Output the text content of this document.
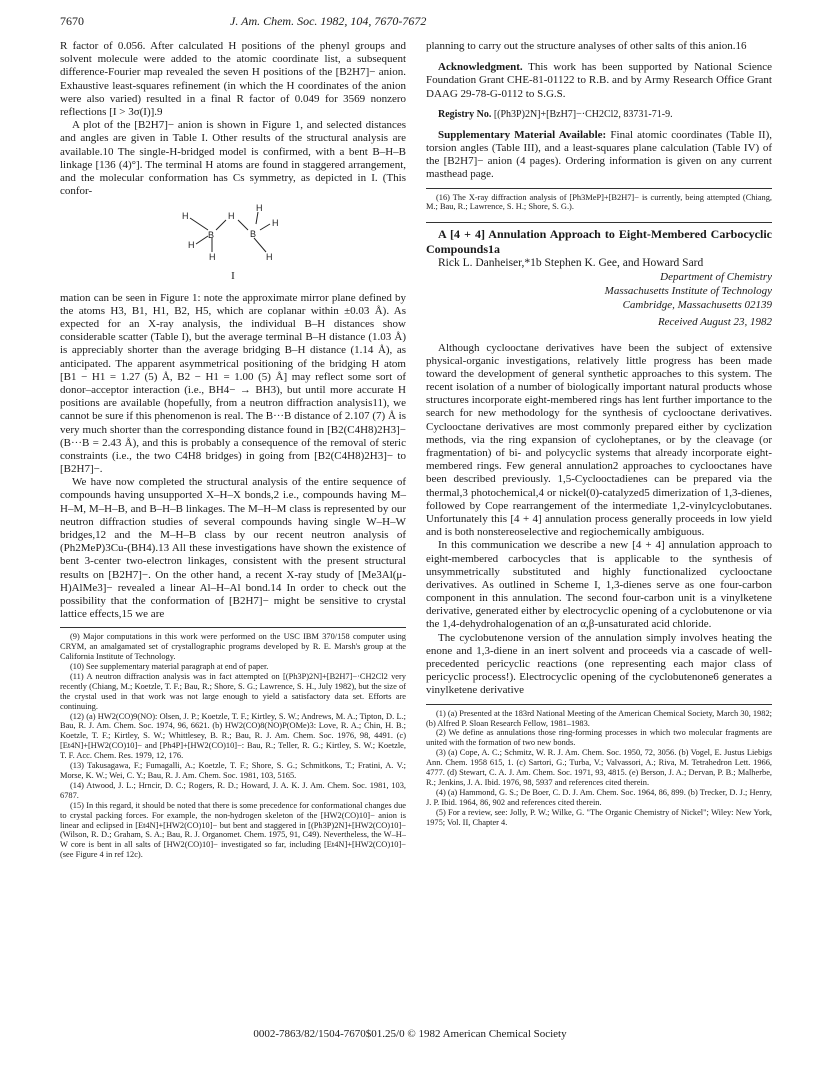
7670	J. Am. Chem. Soc. 1982, 104, 7670-7672

R factor of 0.056. After calculated H positions of the phenyl groups and solvent molecule were added to the atomic coordinate list, a subsequent difference-Fourier map revealed the seven H positions of the [B2H7]− anion. Exhaustive least-squares refinement (in which the H coordinates of the anion were also varied) resulted in a final R factor of 0.049 for 3569 nonzero reflections [I > 3σ(I)].9

A plot of the [B2H7]− anion is shown in Figure 1, and selected distances and angles are given in Table I. Other results of the structural analysis are available.10 The single-H-bridged model is confirmed, with a bent B–H–B linkage [136 (4)°]. The terminal H atoms are found in staggered arrangement, and the molecular conformation has Cs symmetry, as depicted in I. (This confor-

H
B
H
B
H
H
H
H	H
I

mation can be seen in Figure 1: note the approximate mirror plane defined by the atoms H3, B1, H1, B2, H5, which are coplanar within ±0.03 Å). As expected for an X-ray analysis, the individual B–H distances show considerable scatter (Table I), but the average terminal B–H distance (1.03 Å) is appreciably shorter than the average bridging B–H distance (1.14 Å), as anticipated. The apparent asymmetrical positioning of the bridging H atom [B1 − H1 = 1.27 (5) Å, B2 − H1 = 1.00 (5) Å] may reflect some sort of donor–acceptor interaction (i.e., BH4− → BH3), but until more accurate H positions are available (hopefully, from a neutron diffraction analysis11), we cannot be sure if this phenomenon is real. The B···B distance of 2.107 (7) Å is very much shorter than the corresponding distance found in [B2(C4H8)2H3]− (B···B = 2.43 Å), and this is probably a consequence of the removal of steric constraints (i.e., the two C4H8 bridges) in going from [B2(C4H8)2H3]− to [B2H7]−.

We have now completed the structural analysis of the entire sequence of compounds having unsupported X–H–X bonds,2 i.e., compounds having M–H–M, M–H–B, and B–H–B linkages. The M–H–M class is represented by our neutron diffraction studies of several compounds having single W–H–W bridges,12 and the M–H–B class by our recent neutron analysis of (Ph2MeP)3Cu-(BH4).13 All these investigations have shown the existence of bent 3-center two-electron linkages, consistent with the present structural results on [B2H7]−. On the other hand, a recent X-ray study of [Me3Al(μ-H)AlMe3]− revealed a linear Al–H–Al bond.14 In order to check out the possibility that the conformation of [B2H7]− might be sensitive to crystal lattice effects,15 we are

(9) Major computations in this work were performed on the USC IBM 370/158 computer using CRYM, an amalgamated set of crystallographic programs developed by R. E. Marsh's group at the California Institute of Technology.

(10) See supplementary material paragraph at end of paper.

(11) A neutron diffraction analysis was in fact attempted on [(Ph3P)2N]+[B2H7]−·CH2Cl2 very recently (Chiang, M.; Koetzle, T. F.; Bau, R.; Shore, S. G.; Lawrence, S. H., July 1982), but the size of the crystal used in that work was not large enough to yield a satisfactory data set. Efforts are continuing.

(12) (a) HW2(CO)9(NO): Olsen, J. P.; Koetzle, T. F.; Kirtley, S. W.; Andrews, M. A.; Tipton, D. L.; Bau, R. J. Am. Chem. Soc. 1974, 96, 6621. (b) HW2(CO)8(NO)P(OMe)3: Love, R. A.; Chin, H. B.; Koetzle, T. F.; Kirtley, S. W.; Whittlesey, B. R.; Bau, R. J. Am. Chem. Soc. 1976, 98, 4491. (c) [Et4N]+[HW2(CO)10]− and [Ph4P]+[HW2(CO)10]−: Bau, R.; Teller, R. G.; Kirtley, S. W.; Koetzle, T. F. Acc. Chem. Res. 1979, 12, 176.

(13) Takusagawa, F.; Fumagalli, A.; Koetzle, T. F.; Shore, S. G.; Schmitkons, T.; Fratini, A. V.; Morse, K. W.; Wei, C. Y.; Bau, R. J. Am. Chem. Soc. 1981, 103, 5165.

(14) Atwood, J. L.; Hrncir, D. C.; Rogers, R. D.; Howard, J. A. K. J. Am. Chem. Soc. 1981, 103, 6787.

(15) In this regard, it should be noted that there is some precedence for conformational changes due to crystal packing forces. For example, the non-hydrogen skeleton of the [HW2(CO)10]− anion is linear and eclipsed in [Et4N]+[HW2(CO)10]− but bent and staggered in [(Ph3P)2N]+[HW2(CO)10]− (Wilson, R. D.; Graham, S. A.; Bau, R. J. Organomet. Chem. 1975, 91, C49). Nevertheless, the W–H–W core is bent in all salts of [HW2(CO)10]− investigated so far, including [Et4N]+[HW2(CO)10]− (see Figure 4 in ref 12c).

planning to carry out the structure analyses of other salts of this anion.16

Acknowledgment. This work has been supported by National Science Foundation Grant CHE-81-01122 to R.B. and by Army Research Office Grant DAAG 29-78-G-0112 to S.G.S.

Registry No. [(Ph3P)2N]+[BzH7]−·CH2Cl2, 83731-71-9.

Supplementary Material Available: Final atomic coordinates (Table II), torsion angles (Table III), and a least-squares plane calculation (Table IV) of the [B2H7]− anion (4 pages). Ordering information is given on any current masthead page.

(16) The X-ray diffraction analysis of [Ph3MeP]+[B2H7]− is currently, being attempted (Chiang, M.; Bau, R.; Lawrence, S. H.; Shore, S. G.).

A [4 + 4] Annulation Approach to Eight-Membered Carbocyclic Compounds1a

Rick L. Danheiser,*1b Stephen K. Gee, and Howard Sard

Department of Chemistry
Massachusetts Institute of Technology
Cambridge, Massachusetts 02139
Received August 23, 1982

Although cyclooctane derivatives have been the subject of extensive physical-organic investigations, relatively little progress has been made toward the development of general synthetic approaches to this system. The recent isolation of a number of biologically important natural products whose structures incorporate eight-membered rings has lent further importance to the search for new methodology for the synthesis of cyclooctane derivatives. Cyclooctane derivatives are most commonly prepared either by cyclization methods, via the ring expansion of cycloheptanes, or by the cleavage (or fragmentation) of bi- and polycyclic systems that already incorporate eight-membered rings. Few general annulation2 approaches to cyclooctanes have been described previously. 1,5-Cyclooctadienes can be prepared via the thermal,3 photochemical,4 or nickel(0)-catalyzed5 dimerization of 1,3-dienes, followed by Cope rearrangement of the intermediate 1,2-vinylcyclobutanes. Unfortunately this [4 + 4] annulation process generally proceeds in low yield and is both nonstereoselective and regiochemically ambiguous.

In this communication we describe a new [4 + 4] annulation approach to eight-membered carbocycles that is applicable to the synthesis of unsymmetrically substituted and highly functionalized cyclooctane derivatives. As outlined in Scheme I, 1,3-dienes serve as one four-carbon component in this annulation. The second four-carbon unit is a vinylketene derivative, generated either by electrocyclic opening of a cyclobutenone or via the 1,4-dehydrohalogenation of an α,β-unsaturated acid chloride.

The cyclobutenone version of the annulation simply involves heating the enone and 1,3-diene in an inert solvent and proceeds via a cascade of well-precedented pericyclic reactions (one representing each major class of pericyclic process!). Electrocyclic opening of the cyclobutenone6 generates a vinylketene derivative

(1) (a) Presented at the 183rd National Meeting of the American Chemical Society, March 30, 1982; (b) Alfred P. Sloan Research Fellow, 1981–1983.

(2) We define as annulations those ring-forming processes in which two molecular fragments are united with the formation of two new bonds.

(3) (a) Cope, A. C.; Schmitz, W. R. J. Am. Chem. Soc. 1950, 72, 3056. (b) Vogel, E. Justus Liebigs Ann. Chem. 1958 615, 1. (c) Sartori, G.; Turba, V.; Valvassori, A.; Riva, M. Tetrahedron Lett. 1966, 4777. (d) Stewart, C. A. J. Am. Chem. Soc. 1971, 93, 4815. (e) Berson, J. A.; Dervan, P. B.; Malherbe, R.; Jenkins, J. A. Ibid. 1976, 98, 5937 and references cited therein.

(4) (a) Hammond, G. S.; De Boer, C. D. J. Am. Chem. Soc. 1964, 86, 899. (b) Trecker, D. J.; Henry, J. P. Ibid. 1964, 86, 902 and references cited therein.

(5) For a review, see: Jolly, P. W.; Wilke, G. "The Organic Chemistry of Nickel"; Wiley: New York, 1975; Vol. II, Chapter 4.

0002-7863/82/1504-7670$01.25/0 © 1982 American Chemical Society
